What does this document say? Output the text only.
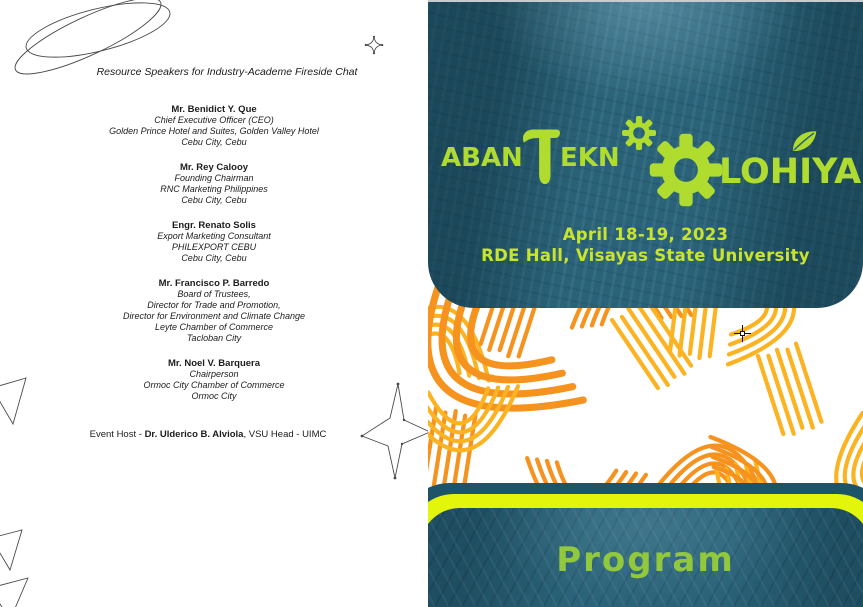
Resource Speakers for Industry-Academe Fireside Chat
Mr. Benidict Y. Que
Chief Executive Officer (CEO)
Golden Prince Hotel and Suites, Golden Valley Hotel
Cebu City, Cebu
Mr. Rey Calooy
Founding Chairman
RNC Marketing Philippines
Cebu City, Cebu
Engr. Renato Solis
Export Marketing Consultant
PHILEXPORT CEBU
Cebu City, Cebu
Mr. Francisco P. Barredo
Board of Trustees,
Director for Trade and Promotion,
Director for Environment and Climate Change
Leyte Chamber of Commerce
Tacloban City
Mr. Noel V. Barquera
Chairperson
Ormoc City Chamber of Commerce
Ormoc City
Event Host - Dr. Ulderico B. Alviola, VSU Head - UIMC
ABAN EKN	LOH I YA
April 18-19, 2023
RDE Hall, Visayas State University
Program
